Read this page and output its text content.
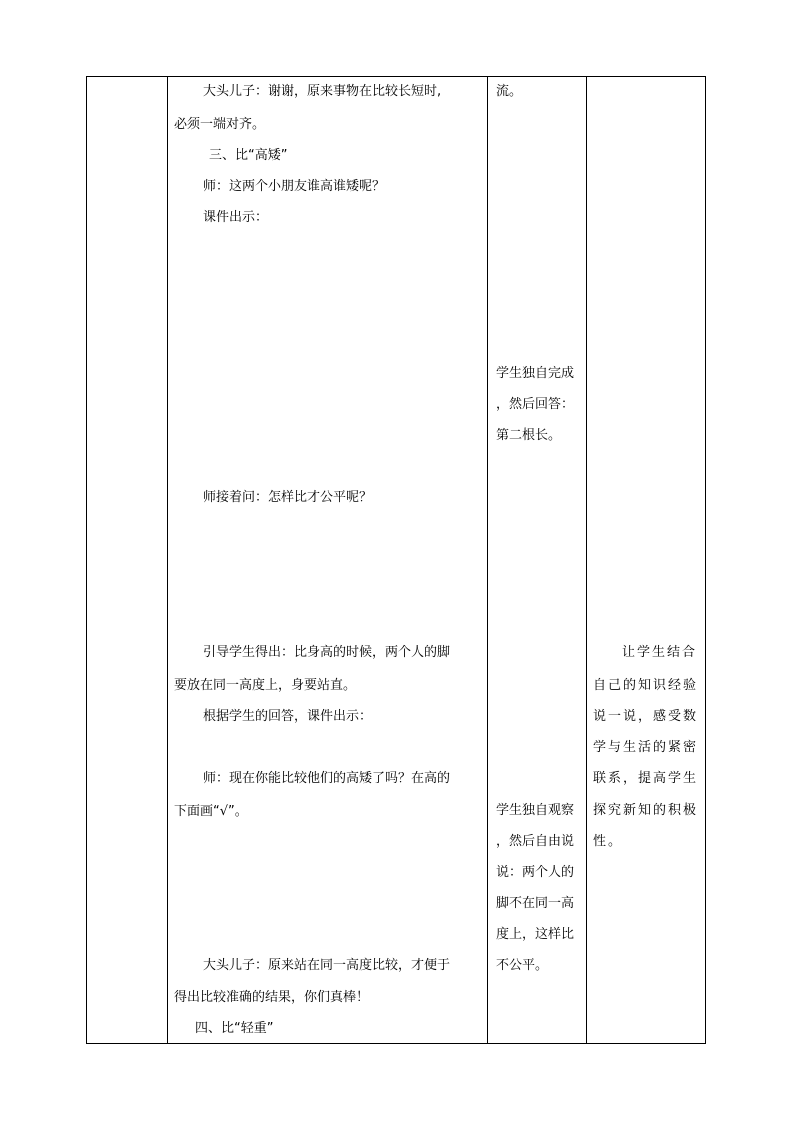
大头儿子：谢谢，原来事物在比较长短时,
必须一端对齐。
三、比“高矮”
师：这两个小朋友谁高谁矮呢？
课件出示：
师接着问：怎样比才公平呢？
引导学生得出：比身高的时候，两个人的脚
要放在同一高度上，身要站直。
根据学生的回答，课件出示：
师：现在你能比较他们的高矮了吗？在高的
下面画“√”。
大头儿子：原来站在同一高度比较，才便于
得出比较准确的结果，你们真棒！
四、比“轻重”
流。
学生独自完成
，然后回答：
第二根长。
学生独自观察
，然后自由说
说：两个人的
脚不在同一高
度上，这样比
不公平。
让学生结合
自己的知识经验
说一说，感受数
学与生活的紧密
联系，提高学生
探究新知的积极
性。
